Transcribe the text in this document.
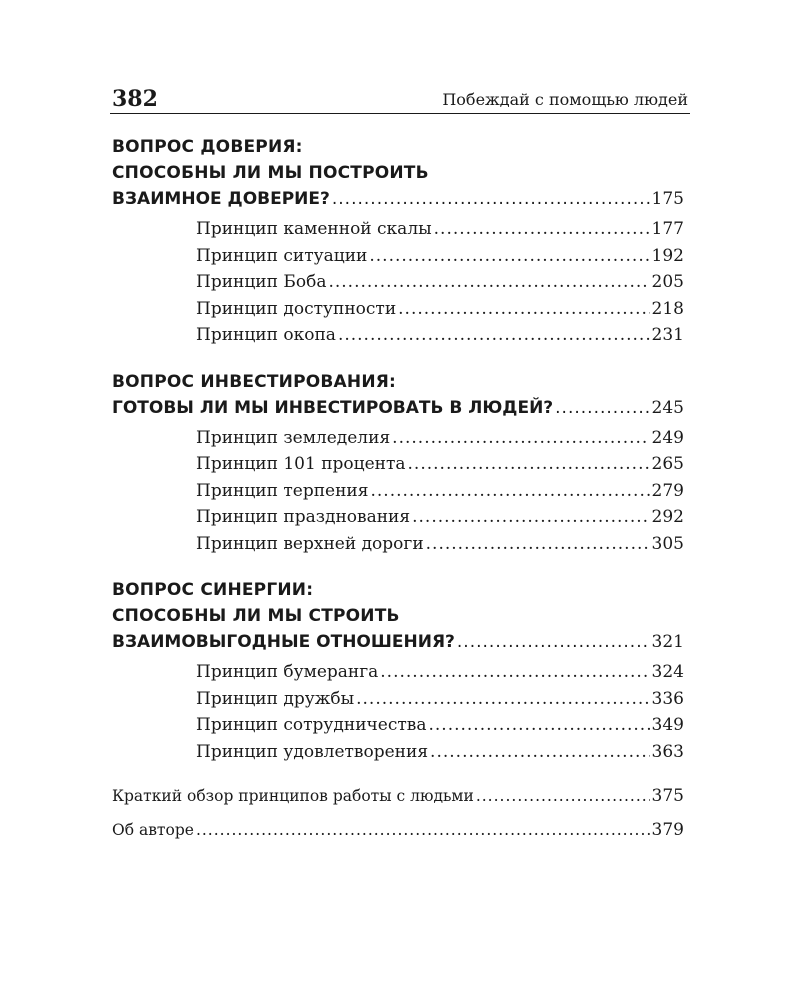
382	Побеждай с помощью людей
ВОПРОС ДОВЕРИЯ:
СПОСОБНЫ ЛИ МЫ ПОСТРОИТЬ
ВЗАИМНОЕ ДОВЕРИЕ? .....	175
Принцип каменной скалы .....	177
Принцип ситуации .....	192
Принцип Боба .....	205
Принцип доступности .....	218
Принцип окопа .....	231
ВОПРОС ИНВЕСТИРОВАНИЯ:
ГОТОВЫ ЛИ МЫ ИНВЕСТИРОВАТЬ В ЛЮДЕЙ? .....	245
Принцип земледелия .....	249
Принцип 101 процента .....	265
Принцип терпения .....	279
Принцип празднования .....	292
Принцип верхней дороги .....	305
ВОПРОС СИНЕРГИИ:
СПОСОБНЫ ЛИ МЫ СТРОИТЬ
ВЗАИМОВЫГОДНЫЕ ОТНОШЕНИЯ? .....	321
Принцип бумеранга .....	324
Принцип дружбы .....	336
Принцип сотрудничества .....	349
Принцип удовлетворения .....	363
Краткий обзор принципов работы с людьми .....	375
Об авторе .....	379
